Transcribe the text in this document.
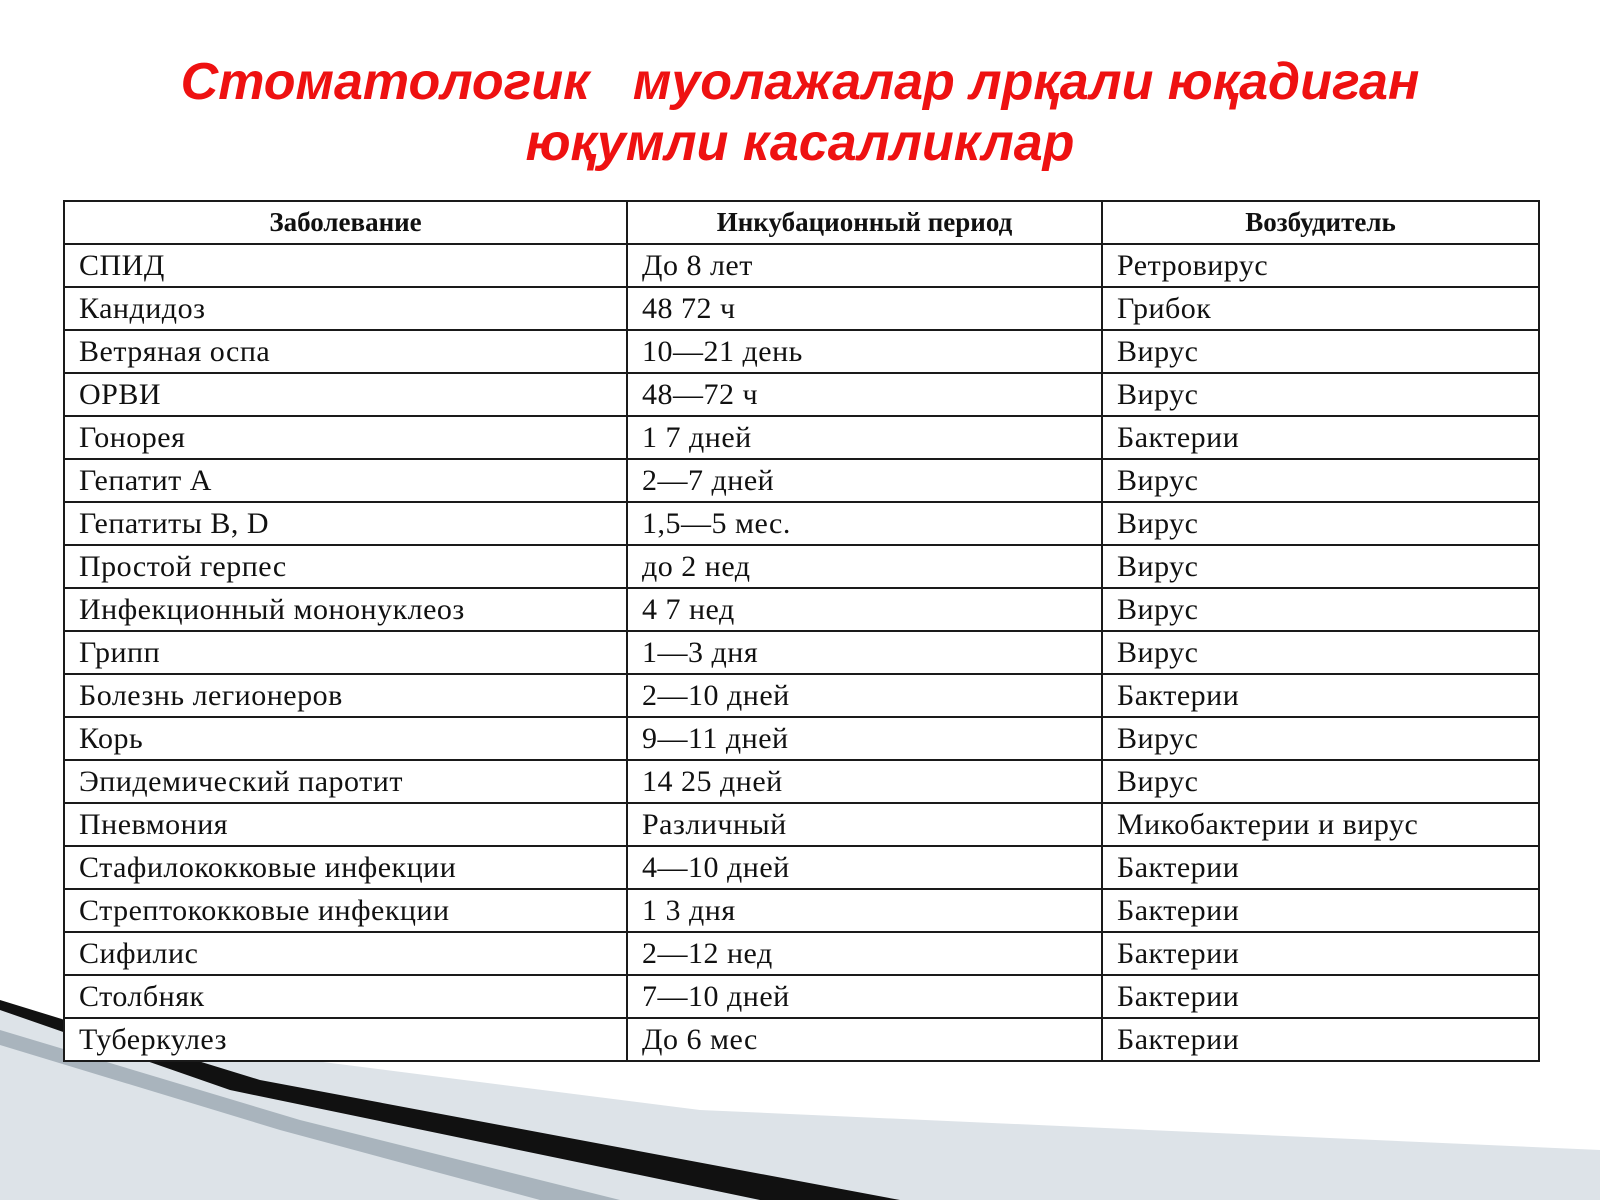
Стоматологик   муолажалар лрқали юқадиган
юқумли касалликлар
Заболевание	Инкубационный период	Возбудитель
СПИД	До 8 лет	Ретровирус
Кандидоз	48 72 ч	Грибок
Ветряная оспа	10—21 день	Вирус
ОРВИ	48—72 ч	Вирус
Гонорея	1 7 дней	Бактерии
Гепатит А	2—7 дней	Вирус
Гепатиты В, D	1,5—5 мес.	Вирус
Простой герпес	до 2 нед	Вирус
Инфекционный мононуклеоз	4 7 нед	Вирус
Грипп	1—3 дня	Вирус
Болезнь легионеров	2—10 дней	Бактерии
Корь	9—11 дней	Вирус
Эпидемический паротит	14 25 дней	Вирус
Пневмония	Различный	Микобактерии и вирус
Стафилококковые инфекции	4—10 дней	Бактерии
Стрептококковые инфекции	1 3 дня	Бактерии
Сифилис	2—12 нед	Бактерии
Столбняк	7—10 дней	Бактерии
Туберкулез	До 6 мес	Бактерии
